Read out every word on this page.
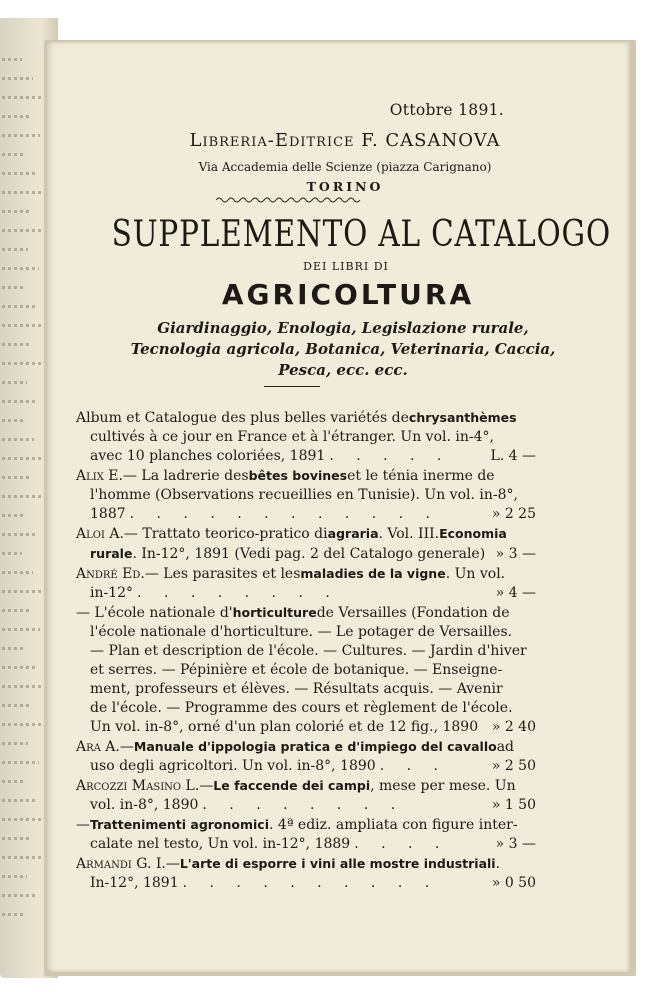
Ottobre 1891.
Libreria-Editrice F. CASANOVA
Via Accademia delle Scienze (piazza Carignano)
TORINO
SUPPLEMENTO AL CATALOGO
DEI LIBRI DI
AGRICOLTURA
Giardinaggio, Enologia, Legislazione rurale,
Tecnologia agricola, Botanica, Veterinaria, Caccia,
Pesca, ecc. ecc.
Album et Catalogue des plus belles variétés de chrysanthèmes
cultivés à ce jour en France et à l'étranger. Un vol. in-4°,
avec 10 planches coloriées, 1891 . . . . .	L. 4 —
Alix E. — La ladrerie des bêtes bovines et le ténia inerme de
l'homme (Observations recueillies en Tunisie). Un vol. in-8°,
1887 . . . . . . . . . . . .	» 2 25
Aloi A. — Trattato teorico-pratico di agraria . Vol. III. Economia
rurale . In-12°, 1891 (Vedi pag. 2 del Catalogo generale) » 3 —
André Ed. — Les parasites et les maladies de la vigne . Un vol.
in-12° . . . . . . . .	» 4 —
— L'école nationale d' horticulture de Versailles (Fondation de
l'école nationale d'horticulture. — Le potager de Versailles.
— Plan et description de l'école. — Cultures. — Jardin d'hiver
et serres. — Pépinière et école de botanique. — Enseigne-
ment, professeurs et élèves. — Résultats acquis. — Avenir
de l'école. — Programme des cours et règlement de l'école.
Un vol. in-8°, orné d'un plan colorié et de 12 fig., 1890 » 2 40
Ara A. — Manuale d'ippologia pratica e d'impiego del cavallo ad
uso degli agricoltori. Un vol. in-8°, 1890 . . .	» 2 50
Arcozzi Masino L. — Le faccende dei campi , mese per mese. Un
vol. in-8°, 1890 . . . . . . . .	» 1 50
— Trattenimenti agronomici . 4ª ediz. ampliata con figure inter-
calate nel testo, Un vol. in-12°, 1889 . . . .	» 3 —
Armandi G. I. — L'arte di esporre i vini alle mostre industriali .
In-12°, 1891 . . . . . . . . . .	» 0 50
